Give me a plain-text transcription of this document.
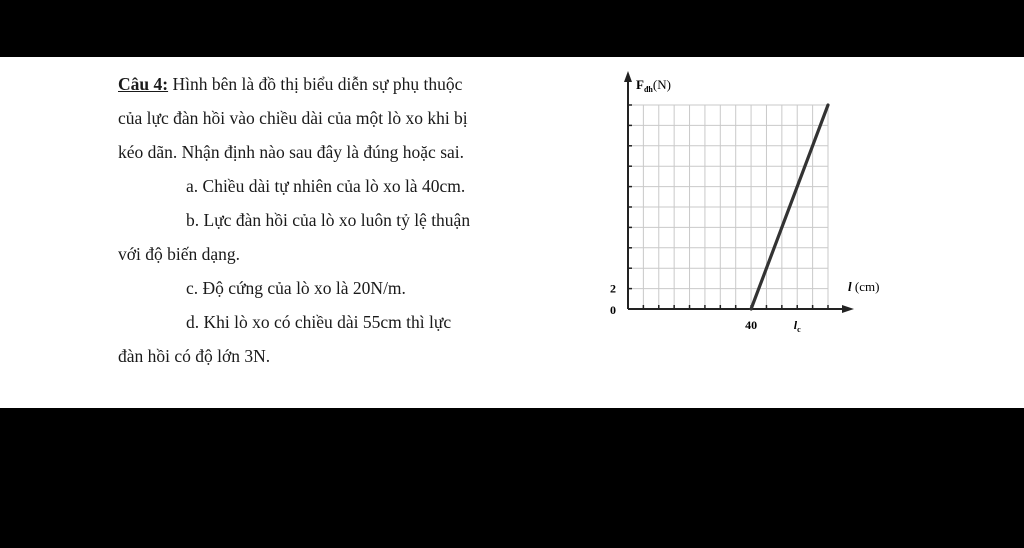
Câu 4: Hình bên là đồ thị biểu diễn sự phụ thuộc

của lực đàn hồi vào chiều dài của một lò xo khi bị

kéo dãn. Nhận định nào sau đây là đúng hoặc sai.

a. Chiều dài tự nhiên của lò xo là 40cm.

b. Lực đàn hồi của lò xo luôn tỷ lệ thuận

với độ biến dạng.

c. Độ cứng của lò xo là 20N/m.

d. Khi lò xo có chiều dài 55cm thì lực

đàn hồi có độ lớn 3N.

$F_{đh}(N)$
l (cm)
0
2
40	$l_c$
